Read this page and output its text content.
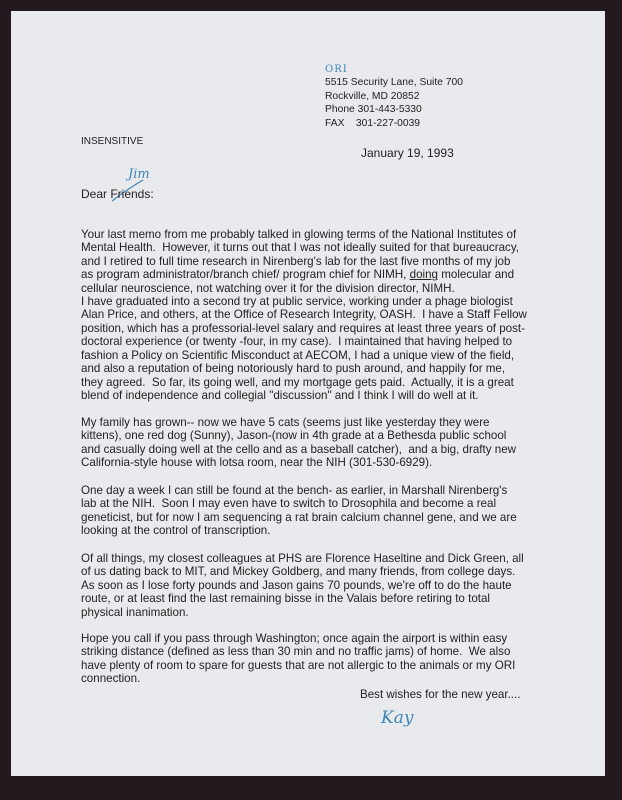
ORI
5515 Security Lane, Suite 700
Rockville, MD 20852
Phone 301-443-5330
FAX    301-227-0039
INSENSITIVE
January 19, 1993
Jim
Dear Friends:
Your last memo from me probably talked in glowing terms of the National Institutes of
Mental Health.  However, it turns out that I was not ideally suited for that bureaucracy,
and I retired to full time research in Nirenberg's lab for the last five months of my job
as program administrator/branch chief/ program chief for NIMH, doing molecular and
cellular neuroscience, not watching over it for the division director, NIMH.
I have graduated into a second try at public service, working under a phage biologist
Alan Price, and others, at the Office of Research Integrity, OASH.  I have a Staff Fellow
position, which has a professorial-level salary and requires at least three years of post-
doctoral experience (or twenty -four, in my case).  I maintained that having helped to
fashion a Policy on Scientific Misconduct at AECOM, I had a unique view of the field,
and also a reputation of being notoriously hard to push around, and happily for me,
they agreed.  So far, its going well, and my mortgage gets paid.  Actually, it is a great
blend of independence and collegial "discussion" and I think I will do well at it.
My family has grown-- now we have 5 cats (seems just like yesterday they were
kittens), one red dog (Sunny), Jason-(now in 4th grade at a Bethesda public school
and casually doing well at the cello and as a baseball catcher),  and a big, drafty new
California-style house with lotsa room, near the NIH (301-530-6929).
One day a week I can still be found at the bench- as earlier, in Marshall Nirenberg's
lab at the NIH.  Soon I may even have to switch to Drosophila and become a real
geneticist, but for now I am sequencing a rat brain calcium channel gene, and we are
looking at the control of transcription.
Of all things, my closest colleagues at PHS are Florence Haseltine and Dick Green, all
of us dating back to MIT, and Mickey Goldberg, and many friends, from college days.
As soon as I lose forty pounds and Jason gains 70 pounds, we're off to do the haute
route, or at least find the last remaining bisse in the Valais before retiring to total
physical inanimation.
Hope you call if you pass through Washington; once again the airport is within easy
striking distance (defined as less than 30 min and no traffic jams) of home.  We also
have plenty of room to spare for guests that are not allergic to the animals or my ORI
connection.
Best wishes for the new year....
Kay
